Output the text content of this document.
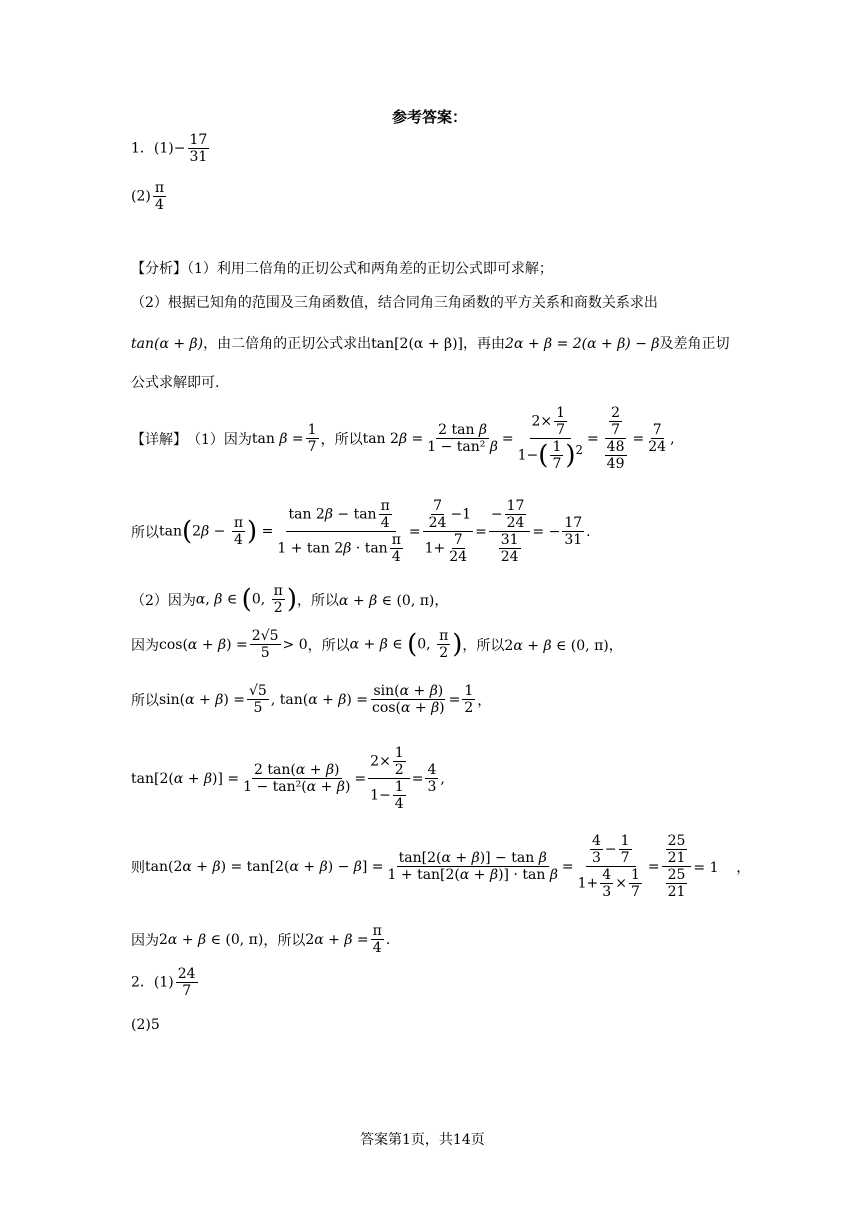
参考答案：
1．$(1)- \frac{17}{31}$
$(2) \frac{\pi}{4}$
【分析】（1）利用二倍角的正切公式和两角差的正切公式即可求解；
（2）根据已知角的范围及三角函数值，结合同角三角函数的平方关系和商数关系求出
tan(α + β)，由二倍角的正切公式求出tan[2(α + β)]，再由2α + β = 2(α + β) − β及差角正切
公式求解即可.
【详解】 （1）因为 $\tan \beta = \frac{1}{7}$ ，所以 $\tan 2\beta = \frac{\text{2 tan β}}{\text{1 − tan² β}} = \frac{2\times \frac{1}{7}}{1-( \frac{1}{7} )^2} = \frac{\frac{2}{7}}{\frac{48}{49}} = \frac{7}{24}$ ,
所以 $\tan(2\beta - \frac{\pi}{4}$ ) = $\frac{\tan 2\beta - \tan \frac{\pi}{4}}{1 + \tan 2\beta \cdot \tan \frac{\pi}{4}} = \frac{\frac{7}{24} -1}{1+ \frac{7}{24}} = \frac{- \frac{17}{24}}{\frac{31}{24}}$ = − $\frac{17}{31}$ .
（2）因为 α, β ∈ (0, $\frac{\pi}{2}$ ) ，所以 α + β ∈ (0, π)，
因为 $\cos(\alpha + \beta) = \frac{2√5}{5} > 0$ ，所以 α + β ∈ (0, $\frac{\pi}{2}$ ) ，所以 2α + β ∈ (0, π)，
所以 $\sin(\alpha + \beta) = \frac{√5}{5}$ , $\tan(\alpha + \beta) = \frac{\sin(\alpha + \beta)}{\cos(\alpha + \beta)} = \frac{1}{2}$ ，
$\tan[2(\alpha + \beta)] = \frac{2 \tan(\alpha + \beta)}{\text{1 − tan²(α + β)}} = \frac{2\times \frac{1}{2}}{1- \frac{1}{4}} = \frac{4}{3}$ ,
则 $\tan(2\alpha + \beta) = \tan[2(\alpha + \beta) - \beta] = \frac{\text{tan[2(α + β)] − tan β}}{\text{1 + tan[2(α + β)] · tan β}} = \frac{\frac{4}{3} - \frac{1}{7}}{1+ \frac{4}{3} \times \frac{1}{7}} = \frac{\frac{25}{21}}{\frac{25}{21}} = 1$    ，
因为 2α + β ∈ (0, π) ，所以 $2\alpha + \beta = \frac{\pi}{4}$ .
2．$(1) \frac{24}{7}$
(2)5
答案第1页，共14页
